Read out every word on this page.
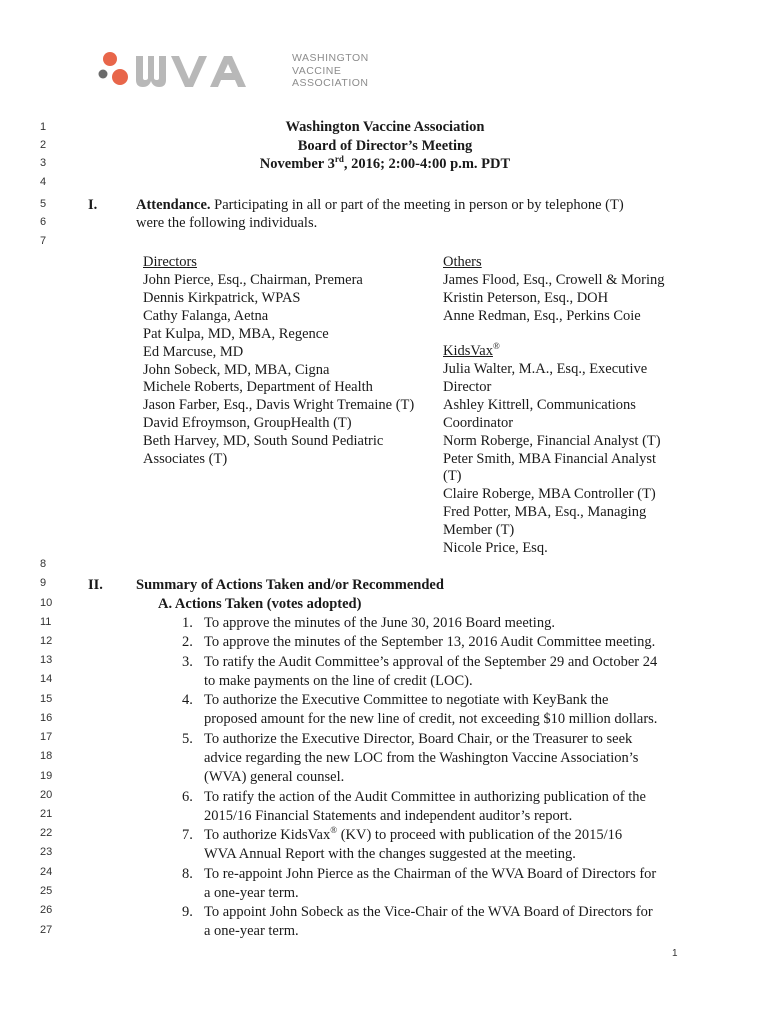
WVA
WASHINGTON
VACCINE
ASSOCIATION
1
2
3
4
5
6
7
8
9
10
11
12
13
14
15
16
17
18
19
20
21
22
23
24
25
26
27
Washington Vaccine Association
Board of Director’s Meeting
November 3rd, 2016; 2:00-4:00 p.m. PDT
I.	Attendance. Participating in all or part of the meeting in person or by telephone (T)
were the following individuals.
Directors
John Pierce, Esq., Chairman, Premera
Dennis Kirkpatrick, WPAS
Cathy Falanga, Aetna
Pat Kulpa, MD, MBA, Regence
Ed Marcuse, MD
John Sobeck, MD, MBA, Cigna
Michele Roberts, Department of Health
Jason Farber, Esq., Davis Wright Tremaine (T)
David Efroymson, GroupHealth (T)
Beth Harvey, MD, South Sound Pediatric
Associates (T)
Others
James Flood, Esq., Crowell & Moring
Kristin Peterson, Esq., DOH
Anne Redman, Esq., Perkins Coie
KidsVax®
Julia Walter, M.A., Esq., Executive
Director
Ashley Kittrell, Communications
Coordinator
Norm Roberge, Financial Analyst (T)
Peter Smith, MBA Financial Analyst
(T)
Claire Roberge, MBA Controller (T)
Fred Potter, MBA, Esq., Managing
Member (T)
Nicole Price, Esq.
II. Summary of Actions Taken and/or Recommended
A. Actions Taken (votes adopted)
1. To approve the minutes of the June 30, 2016 Board meeting.
2. To approve the minutes of the September 13, 2016 Audit Committee meeting.
3. To ratify the Audit Committee’s approval of the September 29 and October 24
to make payments on the line of credit (LOC).
4. To authorize the Executive Committee to negotiate with KeyBank the
proposed amount for the new line of credit, not exceeding $10 million dollars.
5. To authorize the Executive Director, Board Chair, or the Treasurer to seek
advice regarding the new LOC from the Washington Vaccine Association’s
(WVA) general counsel.
6. To ratify the action of the Audit Committee in authorizing publication of the
2015/16 Financial Statements and independent auditor’s report.
7. To authorize KidsVax® (KV) to proceed with publication of the 2015/16
WVA Annual Report with the changes suggested at the meeting.
8. To re-appoint John Pierce as the Chairman of the WVA Board of Directors for
a one-year term.
9. To appoint John Sobeck as the Vice-Chair of the WVA Board of Directors for
a one-year term.
1
